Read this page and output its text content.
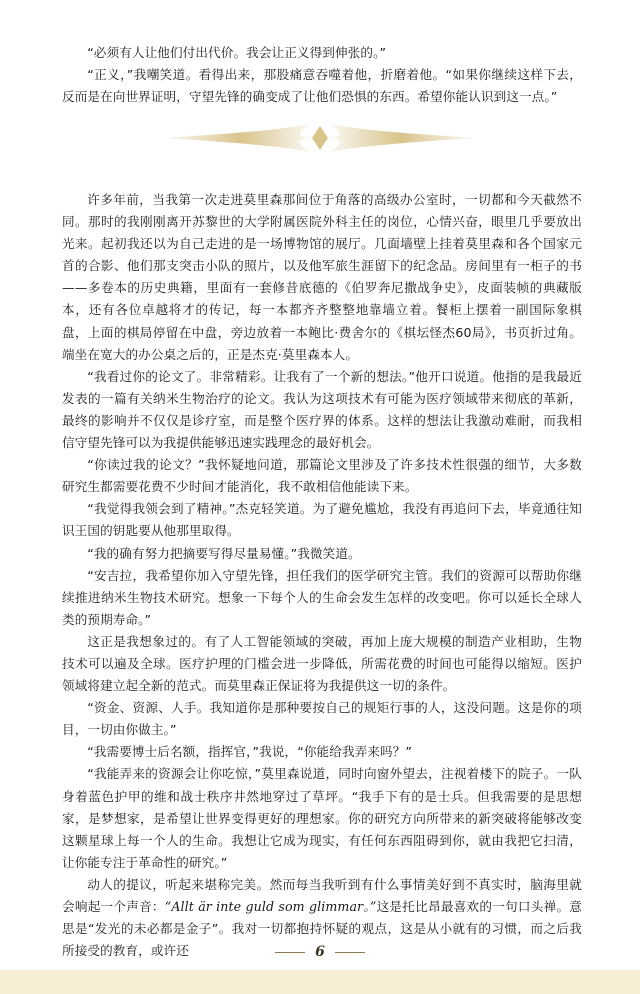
“必须有人让他们付出代价。我会让正义得到伸张的。”

“正义，”我嘲笑道。看得出来，那股痛意吞噬着他，折磨着他。“如果你继续这样下去，反而是在向世界证明，守望先锋的确变成了让他们恐惧的东西。希望你能认识到这一点。”

许多年前，当我第一次走进莫里森那间位于角落的高级办公室时，一切都和今天截然不同。那时的我刚刚离开苏黎世的大学附属医院外科主任的岗位，心情兴奋，眼里几乎要放出光来。起初我还以为自己走进的是一场博物馆的展厅。几面墙壁上挂着莫里森和各个国家元首的合影、他们那支突击小队的照片，以及他军旅生涯留下的纪念品。房间里有一柜子的书——多卷本的历史典籍，里面有一套修昔底德的《伯罗奔尼撒战争史》，皮面装帧的典藏版本，还有各位卓越将才的传记，每一本都齐齐整整地靠墙立着。餐柜上摆着一副国际象棋盘，上面的棋局停留在中盘，旁边放着一本鲍比·费舍尔的《棋坛怪杰60局》，书页折过角。端坐在宽大的办公桌之后的，正是杰克·莫里森本人。

“我看过你的论文了。非常精彩。让我有了一个新的想法。”他开口说道。他指的是我最近发表的一篇有关纳米生物治疗的论文。我认为这项技术有可能为医疗领域带来彻底的革新，最终的影响并不仅仅是诊疗室，而是整个医疗界的体系。这样的想法让我激动难耐，而我相信守望先锋可以为我提供能够迅速实践理念的最好机会。

“你读过我的论文？”我怀疑地问道，那篇论文里涉及了许多技术性很强的细节，大多数研究生都需要花费不少时间才能消化，我不敢相信他能读下来。

“我觉得我领会到了精神。”杰克轻笑道。为了避免尴尬，我没有再追问下去，毕竟通往知识王国的钥匙要从他那里取得。

“我的确有努力把摘要写得尽量易懂。”我微笑道。

“安吉拉，我希望你加入守望先锋，担任我们的医学研究主管。我们的资源可以帮助你继续推进纳米生物技术研究。想象一下每个人的生命会发生怎样的改变吧。你可以延长全球人类的预期寿命。”

这正是我想象过的。有了人工智能领域的突破，再加上庞大规模的制造产业相助，生物技术可以遍及全球。医疗护理的门槛会进一步降低，所需花费的时间也可能得以缩短。医护领域将建立起全新的范式。而莫里森正保证将为我提供这一切的条件。

“资金、资源、人手。我知道你是那种要按自己的规矩行事的人，这没问题。这是你的项目，一切由你做主。”

“我需要博士后名额，指挥官，”我说，“你能给我弄来吗？”

“我能弄来的资源会让你吃惊，”莫里森说道，同时向窗外望去，注视着楼下的院子。一队身着蓝色护甲的维和战士秩序井然地穿过了草坪。“我手下有的是士兵。但我需要的是思想家，是梦想家，是希望让世界变得更好的理想家。你的研究方向所带来的新突破将能够改变这颗星球上每一个人的生命。我想让它成为现实，有任何东西阻碍到你，就由我把它扫清，让你能专注于革命性的研究。”

动人的提议，听起来堪称完美。然而每当我听到有什么事情美好到不真实时，脑海里就会响起一个声音：“Allt är inte guld som glimmar。”这是托比昂最喜欢的一句口头禅。意思是“发光的未必都是金子”。我对一切都抱持怀疑的观点，这是从小就有的习惯，而之后我所接受的教育，或许还	6
